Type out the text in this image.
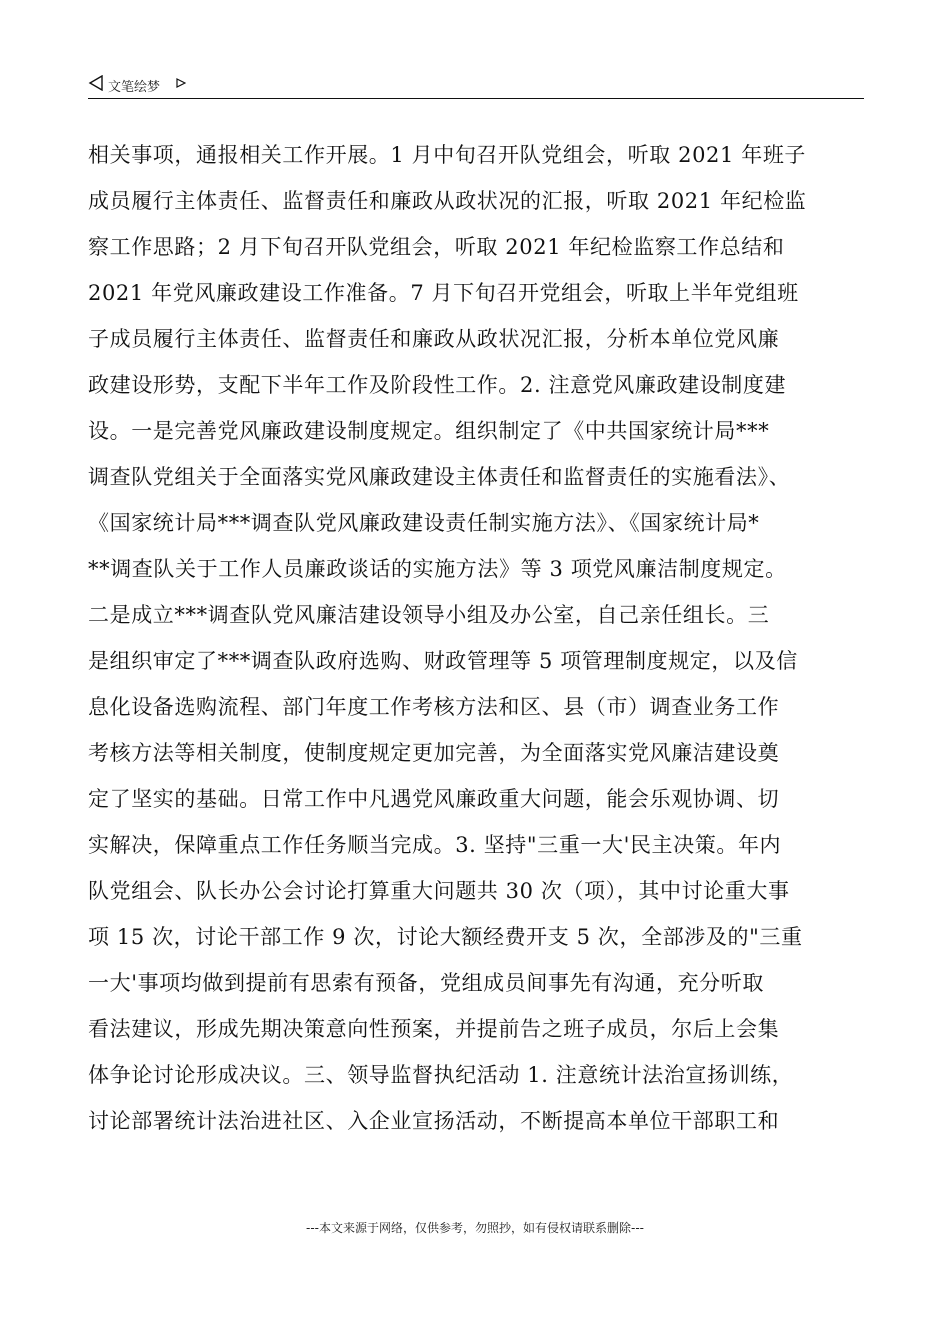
文笔绘梦
相关事项，通报相关工作开展。1 月中旬召开队党组会，听取 2021 年班子
成员履行主体责任、监督责任和廉政从政状况的汇报，听取 2021 年纪检监
察工作思路；2 月下旬召开队党组会，听取 2021 年纪检监察工作总结和
2021 年党风廉政建设工作准备。7 月下旬召开党组会，听取上半年党组班
子成员履行主体责任、监督责任和廉政从政状况汇报，分析本单位党风廉
政建设形势，支配下半年工作及阶段性工作。2. 注意党风廉政建设制度建
设。一是完善党风廉政建设制度规定。组织制定了《中共国家统计局***
调查队党组关于全面落实党风廉政建设主体责任和监督责任的实施看法》、
《国家统计局***调查队党风廉政建设责任制实施方法》、《国家统计局*
**调查队关于工作人员廉政谈话的实施方法》等 3 项党风廉洁制度规定。
二是成立***调查队党风廉洁建设领导小组及办公室，自己亲任组长。三
是组织审定了***调查队政府选购、财政管理等 5 项管理制度规定，以及信
息化设备选购流程、部门年度工作考核方法和区、县（市）调查业务工作
考核方法等相关制度，使制度规定更加完善，为全面落实党风廉洁建设奠
定了坚实的基础。日常工作中凡遇党风廉政重大问题，能会乐观协调、切
实解决，保障重点工作任务顺当完成。3. 坚持"三重一大'民主决策。年内
队党组会、队长办公会讨论打算重大问题共 30 次（项），其中讨论重大事
项 15 次，讨论干部工作 9 次，讨论大额经费开支 5 次，全部涉及的"三重
一大'事项均做到提前有思索有预备，党组成员间事先有沟通，充分听取
看法建议，形成先期决策意向性预案，并提前告之班子成员，尔后上会集
体争论讨论形成决议。三、领导监督执纪活动 1. 注意统计法治宣扬训练，
讨论部署统计法治进社区、入企业宣扬活动，不断提高本单位干部职工和
---本文来源于网络，仅供参考，勿照抄，如有侵权请联系删除---
